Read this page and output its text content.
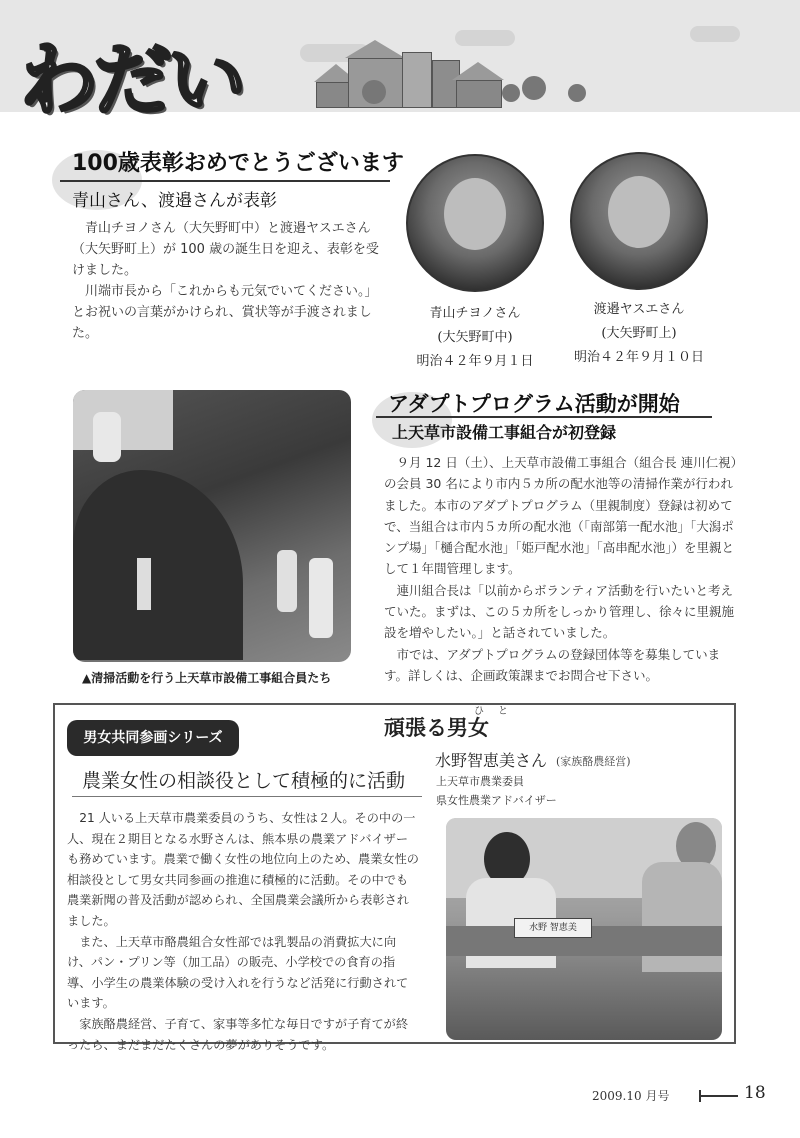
わだい
100歳表彰おめでとうございます
青山さん、渡邉さんが表彰

青山チヨノさん（大矢野町中）と渡邉ヤスエさん（大矢野町上）が 100 歳の誕生日を迎え、表彰を受けました。

川端市長から「これからも元気でいてください。」とお祝いの言葉がかけられ、賞状等が手渡されました。

青山チヨノさん
(大矢野町中)
明治４２年９月１日
渡邉ヤスエさん
(大矢野町上)
明治４２年９月１０日
▲清掃活動を行う上天草市設備工事組合員たち
アダプトプログラム活動が開始
上天草市設備工事組合が初登録

９月 12 日（土）、上天草市設備工事組合（組合長 連川仁視）の会員 30 名により市内５カ所の配水池等の清掃作業が行われました。本市のアダプトプログラム（里親制度）登録は初めてで、当組合は市内５カ所の配水池（「南部第一配水池」「大潟ポンプ場」「樋合配水池」「姫戸配水池」「高串配水池」）を里親として１年間管理します。

連川組合長は「以前からボランティア活動を行いたいと考えていた。まずは、この５カ所をしっかり管理し、徐々に里親施設を増やしたい。」と話されていました。

市では、アダプトプログラムの登録団体等を募集しています。詳しくは、企画政策課までお問合せ下さい。

男女共同参画シリーズ
ひと
頑張る男女
農業女性の相談役として積極的に活動
水野智恵美さん (家族酪農経営)
上天草市農業委員
県女性農業アドバイザー

21 人いる上天草市農業委員のうち、女性は２人。その中の一人、現在２期目となる水野さんは、熊本県の農業アドバイザーも務めています。農業で働く女性の地位向上のため、農業女性の相談役として男女共同参画の推進に積極的に活動。その中でも農業新聞の普及活動が認められ、全国農業会議所から表彰されました。

また、上天草市酪農組合女性部では乳製品の消費拡大に向け、パン・プリン等（加工品）の販売、小学校での食育の指導、小学生の農業体験の受け入れを行うなど活発に行動されています。

家族酪農経営、子育て、家事等多忙な毎日ですが子育てが終ったら、まだまだたくさんの夢がありそうです。

水野 智恵美
2009.10 月号	18
